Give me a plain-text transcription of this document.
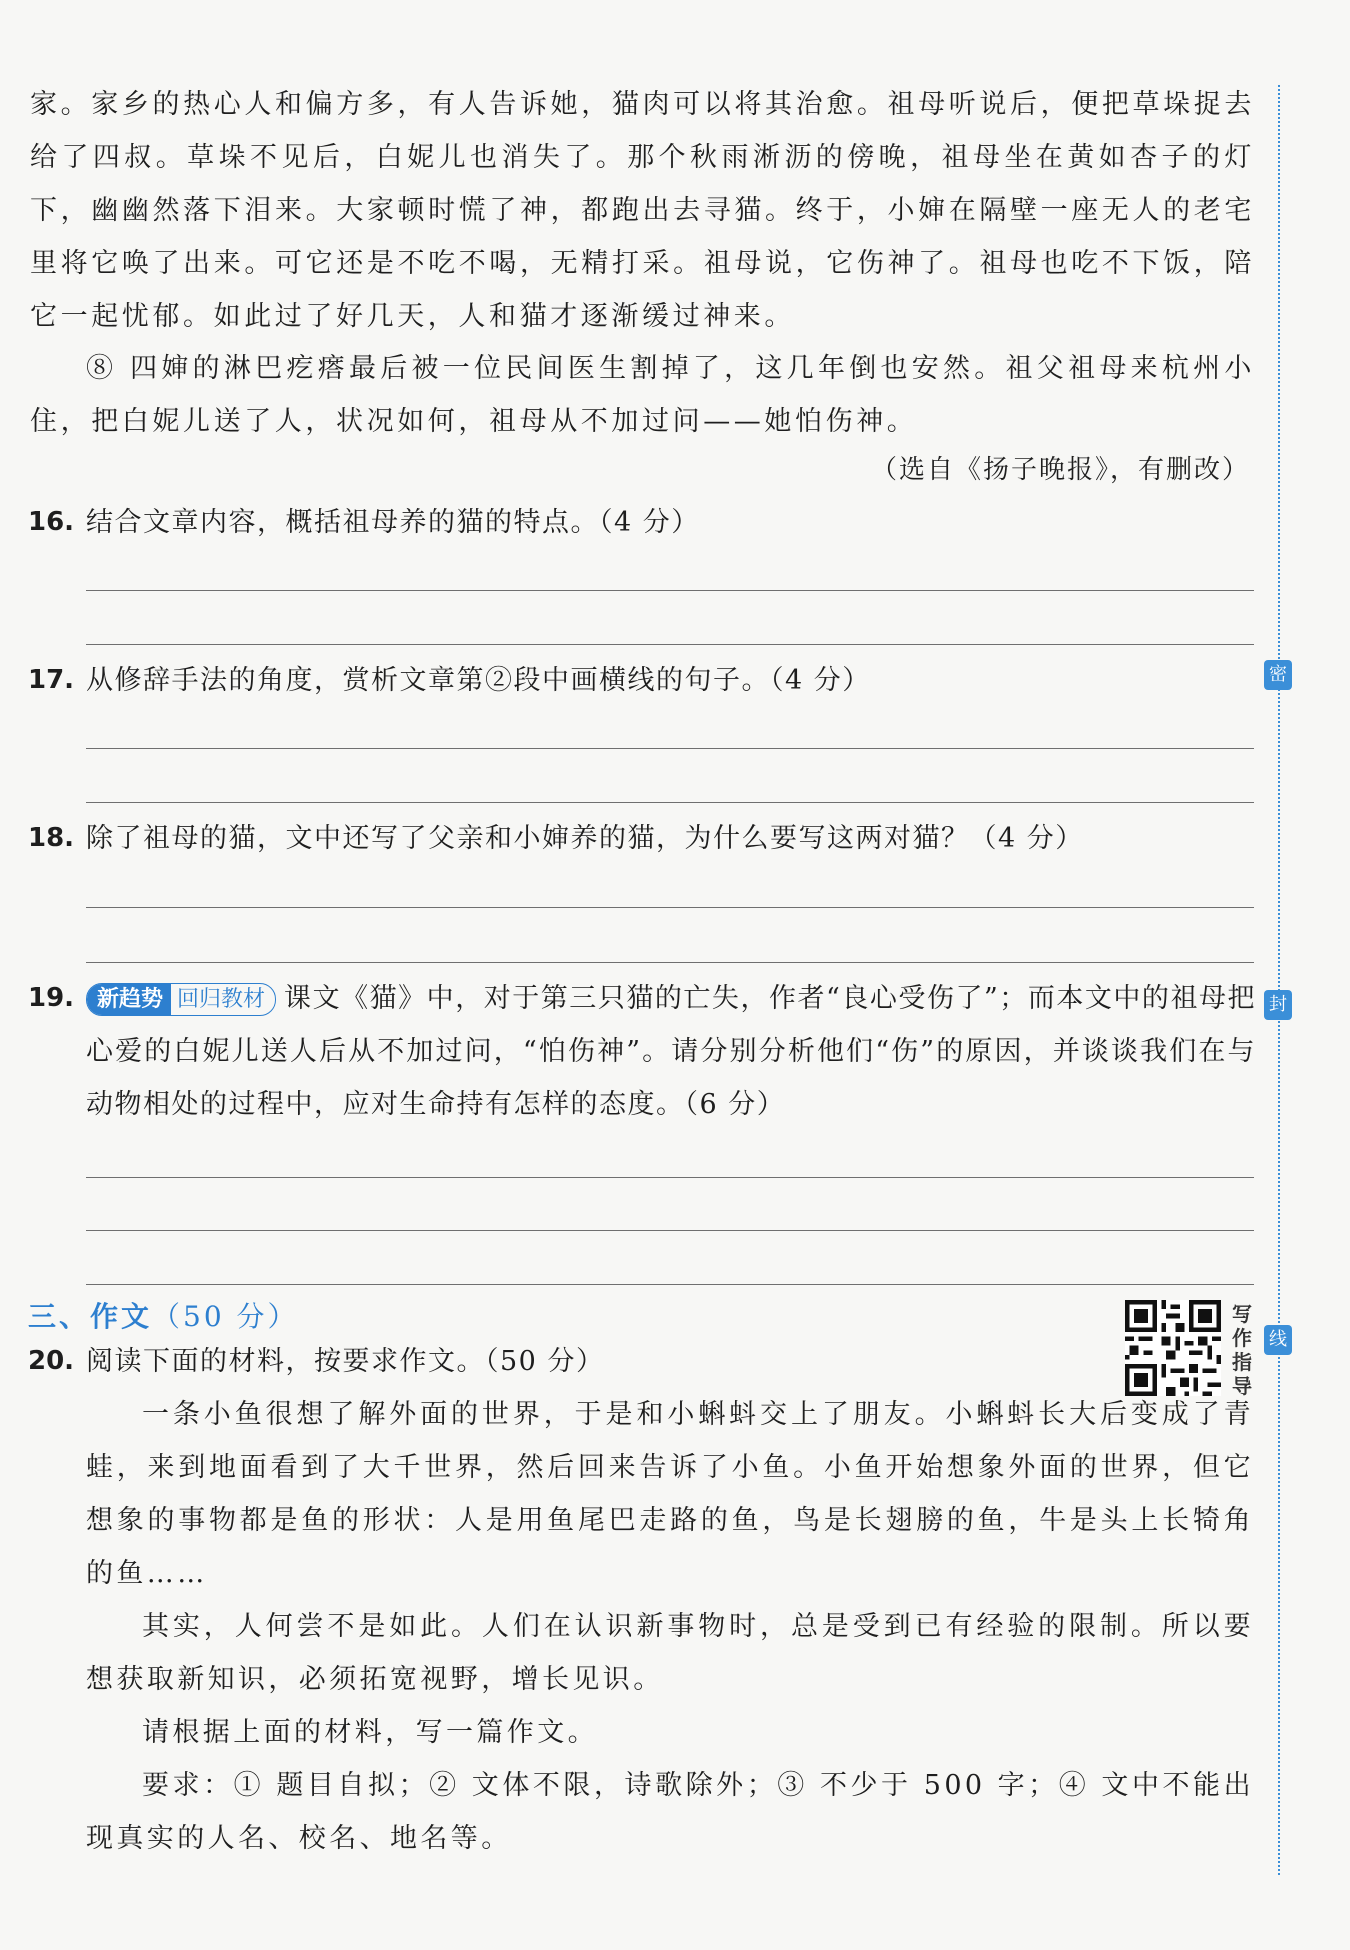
家。家乡的热心人和偏方多，有人告诉她，猫肉可以将其治愈。祖母听说后，便把草垛捉去给了四叔。草垛不见后，白妮儿也消失了。那个秋雨淅沥的傍晚，祖母坐在黄如杏子的灯下，幽幽然落下泪来。大家顿时慌了神，都跑出去寻猫。终于，小婶在隔壁一座无人的老宅里将它唤了出来。可它还是不吃不喝，无精打采。祖母说，它伤神了。祖母也吃不下饭，陪它一起忧郁。如此过了好几天，人和猫才逐渐缓过神来。

⑧ 四婶的淋巴疙瘩最后被一位民间医生割掉了，这几年倒也安然。祖父祖母来杭州小住，把白妮儿送了人，状况如何，祖母从不加过问——她怕伤神。

（选自《扬子晚报》，有删改）
16. 结合文章内容，概括祖母养的猫的特点。（4 分）
17. 从修辞手法的角度，赏析文章第②段中画横线的句子。（4 分）
18. 除了祖母的猫，文中还写了父亲和小婶养的猫，为什么要写这两对猫？（4 分）
19.	新趋势 回归教材 课文《猫》中，对于第三只猫的亡失，作者“良心受伤了”；而本文中的祖母把心爱的白妮儿送人后从不加过问，“怕伤神”。请分别分析他们“伤”的原因，并谈谈我们在与动物相处的过程中，应对生命持有怎样的态度。（6 分）
三、作文（50 分）	写作指导
20. 阅读下面的材料，按要求作文。（50 分）

一条小鱼很想了解外面的世界，于是和小蝌蚪交上了朋友。小蝌蚪长大后变成了青蛙，来到地面看到了大千世界，然后回来告诉了小鱼。小鱼开始想象外面的世界，但它想象的事物都是鱼的形状：人是用鱼尾巴走路的鱼，鸟是长翅膀的鱼，牛是头上长犄角的鱼……

其实，人何尝不是如此。人们在认识新事物时，总是受到已有经验的限制。所以要想获取新知识，必须拓宽视野，增长见识。

请根据上面的材料，写一篇作文。

要求：① 题目自拟；② 文体不限，诗歌除外；③ 不少于 500 字；④ 文中不能出现真实的人名、校名、地名等。

密
封
线
